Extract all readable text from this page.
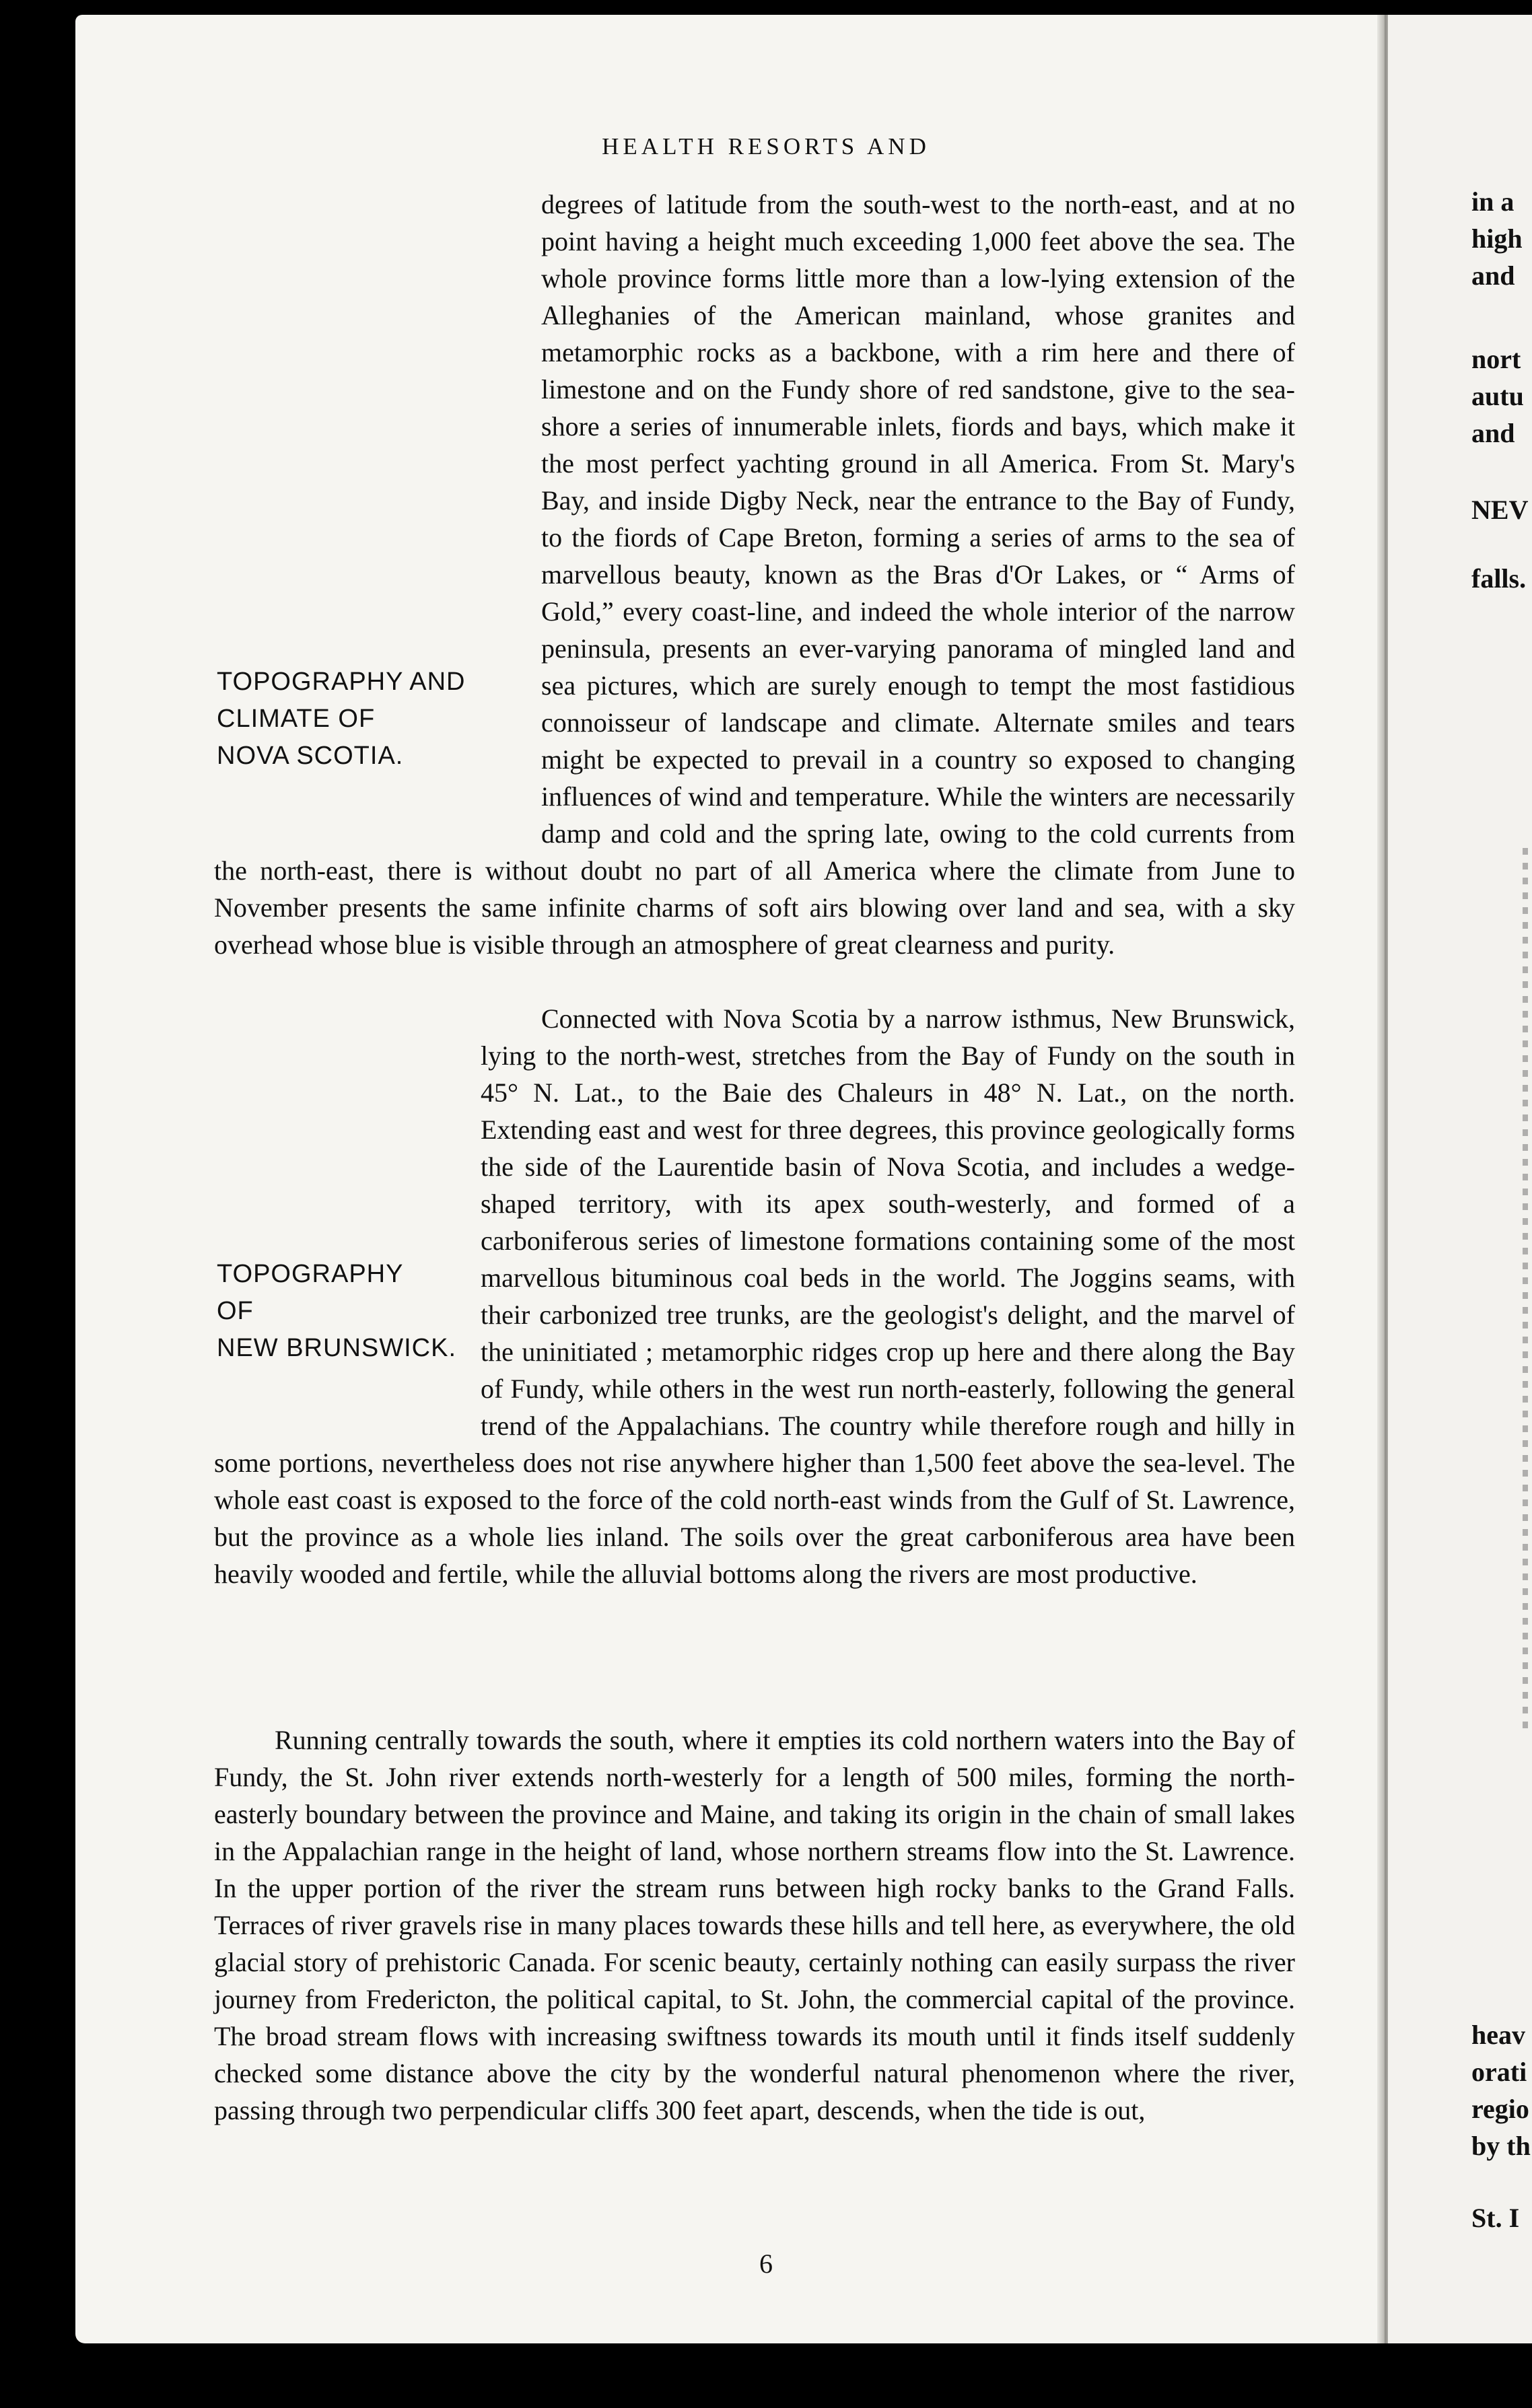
HEALTH RESORTS AND

TOPOGRAPHY AND
CLIMATE OF
NOVA SCOTIA.
degrees of latitude from the south-west to the north-east, and at no point having a height much exceeding 1,000 feet above the sea. The whole province forms little more than a low-lying extension of the Alleghanies of the American mainland, whose granites and metamorphic rocks as a backbone, with a rim here and there of limestone and on the Fundy shore of red sandstone, give to the sea-shore a series of innumerable inlets, fiords and bays, which make it the most perfect yachting ground in all America. From St. Mary's Bay, and inside Digby Neck, near the entrance to the Bay of Fundy, to the fiords of Cape Breton, forming a series of arms to the sea of marvellous beauty, known as the Bras d'Or Lakes, or “ Arms of Gold,” every coast-line, and indeed the whole interior of the narrow peninsula, presents an ever-varying panorama of mingled land and sea pictures, which are surely enough to tempt the most fastidious connoisseur of landscape and climate. Alternate smiles and tears might be expected to prevail in a country so exposed to changing influences of wind and temperature. While the winters are necessarily damp and cold and the spring late, owing to the cold currents from the north-east, there is without doubt no part of all America where the climate from June to November presents the same infinite charms of soft airs blowing over land and sea, with a sky overhead whose blue is visible through an atmosphere of great clearness and purity.

TOPOGRAPHY
OF
NEW BRUNSWICK.
Connected with Nova Scotia by a narrow isthmus, New Brunswick, lying to the north-west, stretches from the Bay of Fundy on the south in 45° N. Lat., to the Baie des Chaleurs in 48° N. Lat., on the north. Extending east and west for three degrees, this province geologically forms the side of the Laurentide basin of Nova Scotia, and includes a wedge-shaped territory, with its apex south-westerly, and formed of a carboniferous series of limestone formations containing some of the most marvellous bituminous coal beds in the world. The Joggins seams, with their carbonized tree trunks, are the geologist's delight, and the marvel of the uninitiated ; metamorphic ridges crop up here and there along the Bay of Fundy, while others in the west run north-easterly, following the general trend of the Appalachians. The country while therefore rough and hilly in some portions, nevertheless does not rise anywhere higher than 1,500 feet above the sea-level. The whole east coast is exposed to the force of the cold north-east winds from the Gulf of St. Lawrence, but the province as a whole lies inland. The soils over the great carboniferous area have been heavily wooded and fertile, while the alluvial bottoms along the rivers are most productive.

Running centrally towards the south, where it empties its cold northern waters into the Bay of Fundy, the St. John river extends north-westerly for a length of 500 miles, forming the north-easterly boundary between the province and Maine, and taking its origin in the chain of small lakes in the Appalachian range in the height of land, whose northern streams flow into the St. Lawrence. In the upper portion of the river the stream runs between high rocky banks to the Grand Falls. Terraces of river gravels rise in many places towards these hills and tell here, as everywhere, the old glacial story of prehistoric Canada. For scenic beauty, certainly nothing can easily surpass the river journey from Fredericton, the political capital, to St. John, the commercial capital of the province. The broad stream flows with increasing swiftness towards its mouth until it finds itself suddenly checked some distance above the city by the wonderful natural phenomenon where the river, passing through two perpendicular cliffs 300 feet apart, descends, when the tide is out,

6
in a
high
and
nort
autu
and
NEV
falls.
heav
orati
regio
by th
St. I
